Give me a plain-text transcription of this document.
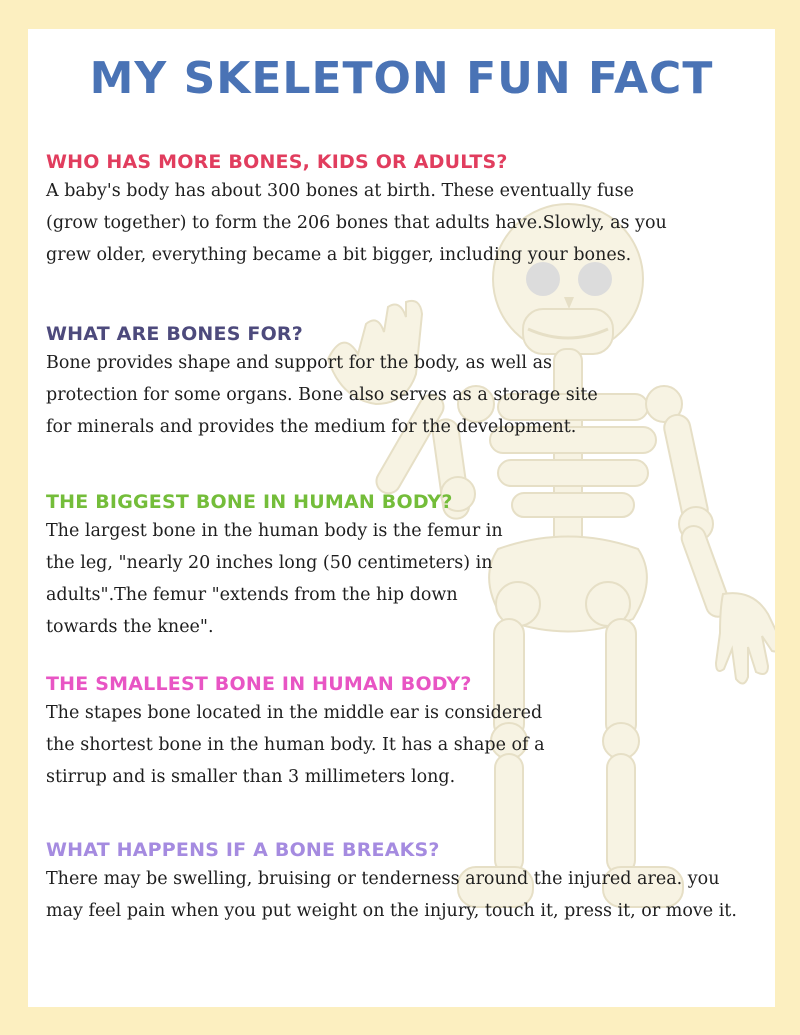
MY SKELETON FUN FACT
WHO HAS MORE BONES, KIDS OR ADULTS?

A baby's body has about 300 bones at birth. These eventually fuse (grow together) to form the 206 bones that adults have.Slowly, as you grew older, everything became a bit bigger, including your bones.

WHAT ARE BONES FOR?

Bone provides shape and support for the body, as well as protection for some organs. Bone also serves as a storage site for minerals and provides the medium for the development.

THE BIGGEST BONE IN HUMAN BODY?

The largest bone in the human body is the femur in the leg, "nearly 20 inches long (50 centimeters) in adults".The femur "extends from the hip down towards the knee".

THE SMALLEST BONE IN HUMAN BODY?

The stapes bone located in the middle ear is considered the shortest bone in the human body. It has a shape of a stirrup and is smaller than 3 millimeters long.

WHAT HAPPENS IF A BONE BREAKS?

There may be swelling, bruising or tenderness around the injured area. you may feel pain when you put weight on the injury, touch it, press it, or move it.
